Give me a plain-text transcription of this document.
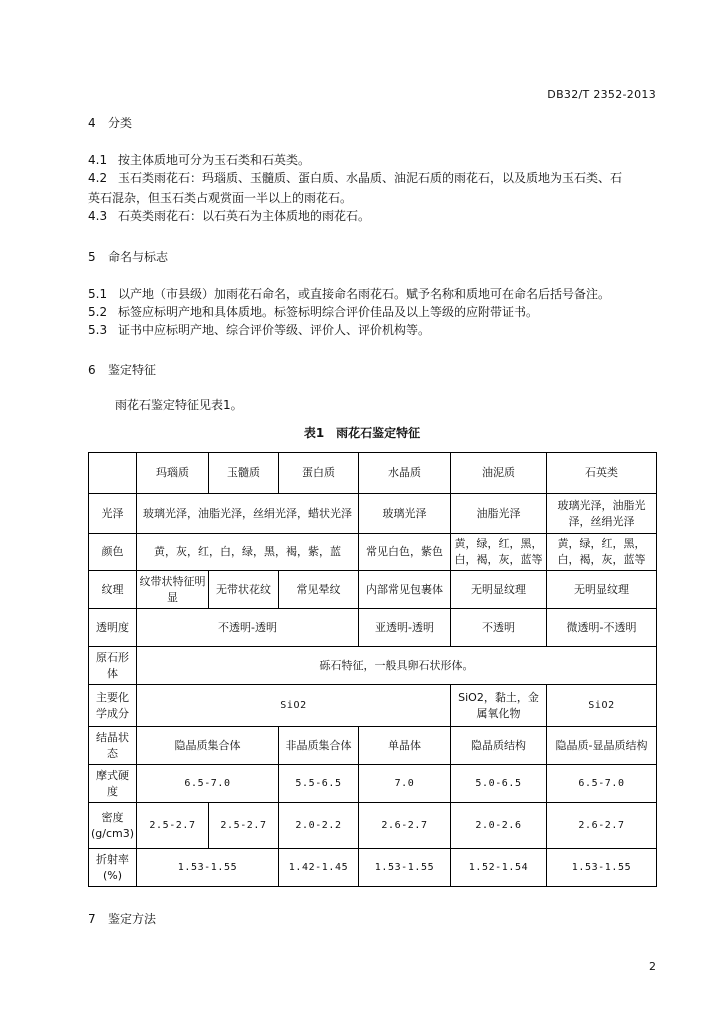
DB32/T 2352-2013
4 分类
4.1 按主体质地可分为玉石类和石英类。
4.2 玉石类雨花石：玛瑙质、玉髓质、蛋白质、水晶质、油泥石质的雨花石，以及质地为玉石类、石
英石混杂，但玉石类占观赏面一半以上的雨花石。
4.3 石英类雨花石：以石英石为主体质地的雨花石。
5 命名与标志
5.1 以产地（市县级）加雨花石命名，或直接命名雨花石。赋予名称和质地可在命名后括号备注。
5.2 标签应标明产地和具体质地。标签标明综合评价佳品及以上等级的应附带证书。
5.3 证书中应标明产地、综合评价等级、评价人、评价机构等。
6 鉴定特征
雨花石鉴定特征见表1。
表1　雨花石鉴定特征
	玛瑙质	玉髓质	蛋白质	水晶质	油泥质	石英类
光泽	玻璃光泽，油脂光泽，丝绢光泽，蜡状光泽			玻璃光泽	油脂光泽	玻璃光泽，油脂光泽，丝绢光泽
颜色	黄，灰，红，白，绿，黑，褐，紫，蓝			常见白色，紫色	黄，绿，红，黑，白，褐，灰，蓝等	黄，绿，红，黑，白，褐，灰，蓝等
纹理	纹带状特征明显	无带状花纹	常见晕纹	内部常见包裹体	无明显纹理	无明显纹理
透明度	不透明-透明			亚透明-透明	不透明	微透明-不透明
原石形体	砾石特征，一般具卵石状形体。					
主要化学成分	SiO2				SiO2，黏土，金属氧化物	SiO2
结晶状态	隐晶质集合体		非晶质集合体	单晶体	隐晶质结构	隐晶质-显晶质结构
摩式硬度	6.5-7.0		5.5-6.5	7.0	5.0-6.5	6.5-7.0
密度(g/cm3)	2.5-2.7	2.5-2.7	2.0-2.2	2.6-2.7	2.0-2.6	2.6-2.7
折射率(%)	1.53-1.55		1.42-1.45	1.53-1.55	1.52-1.54	1.53-1.55
7 鉴定方法
2
